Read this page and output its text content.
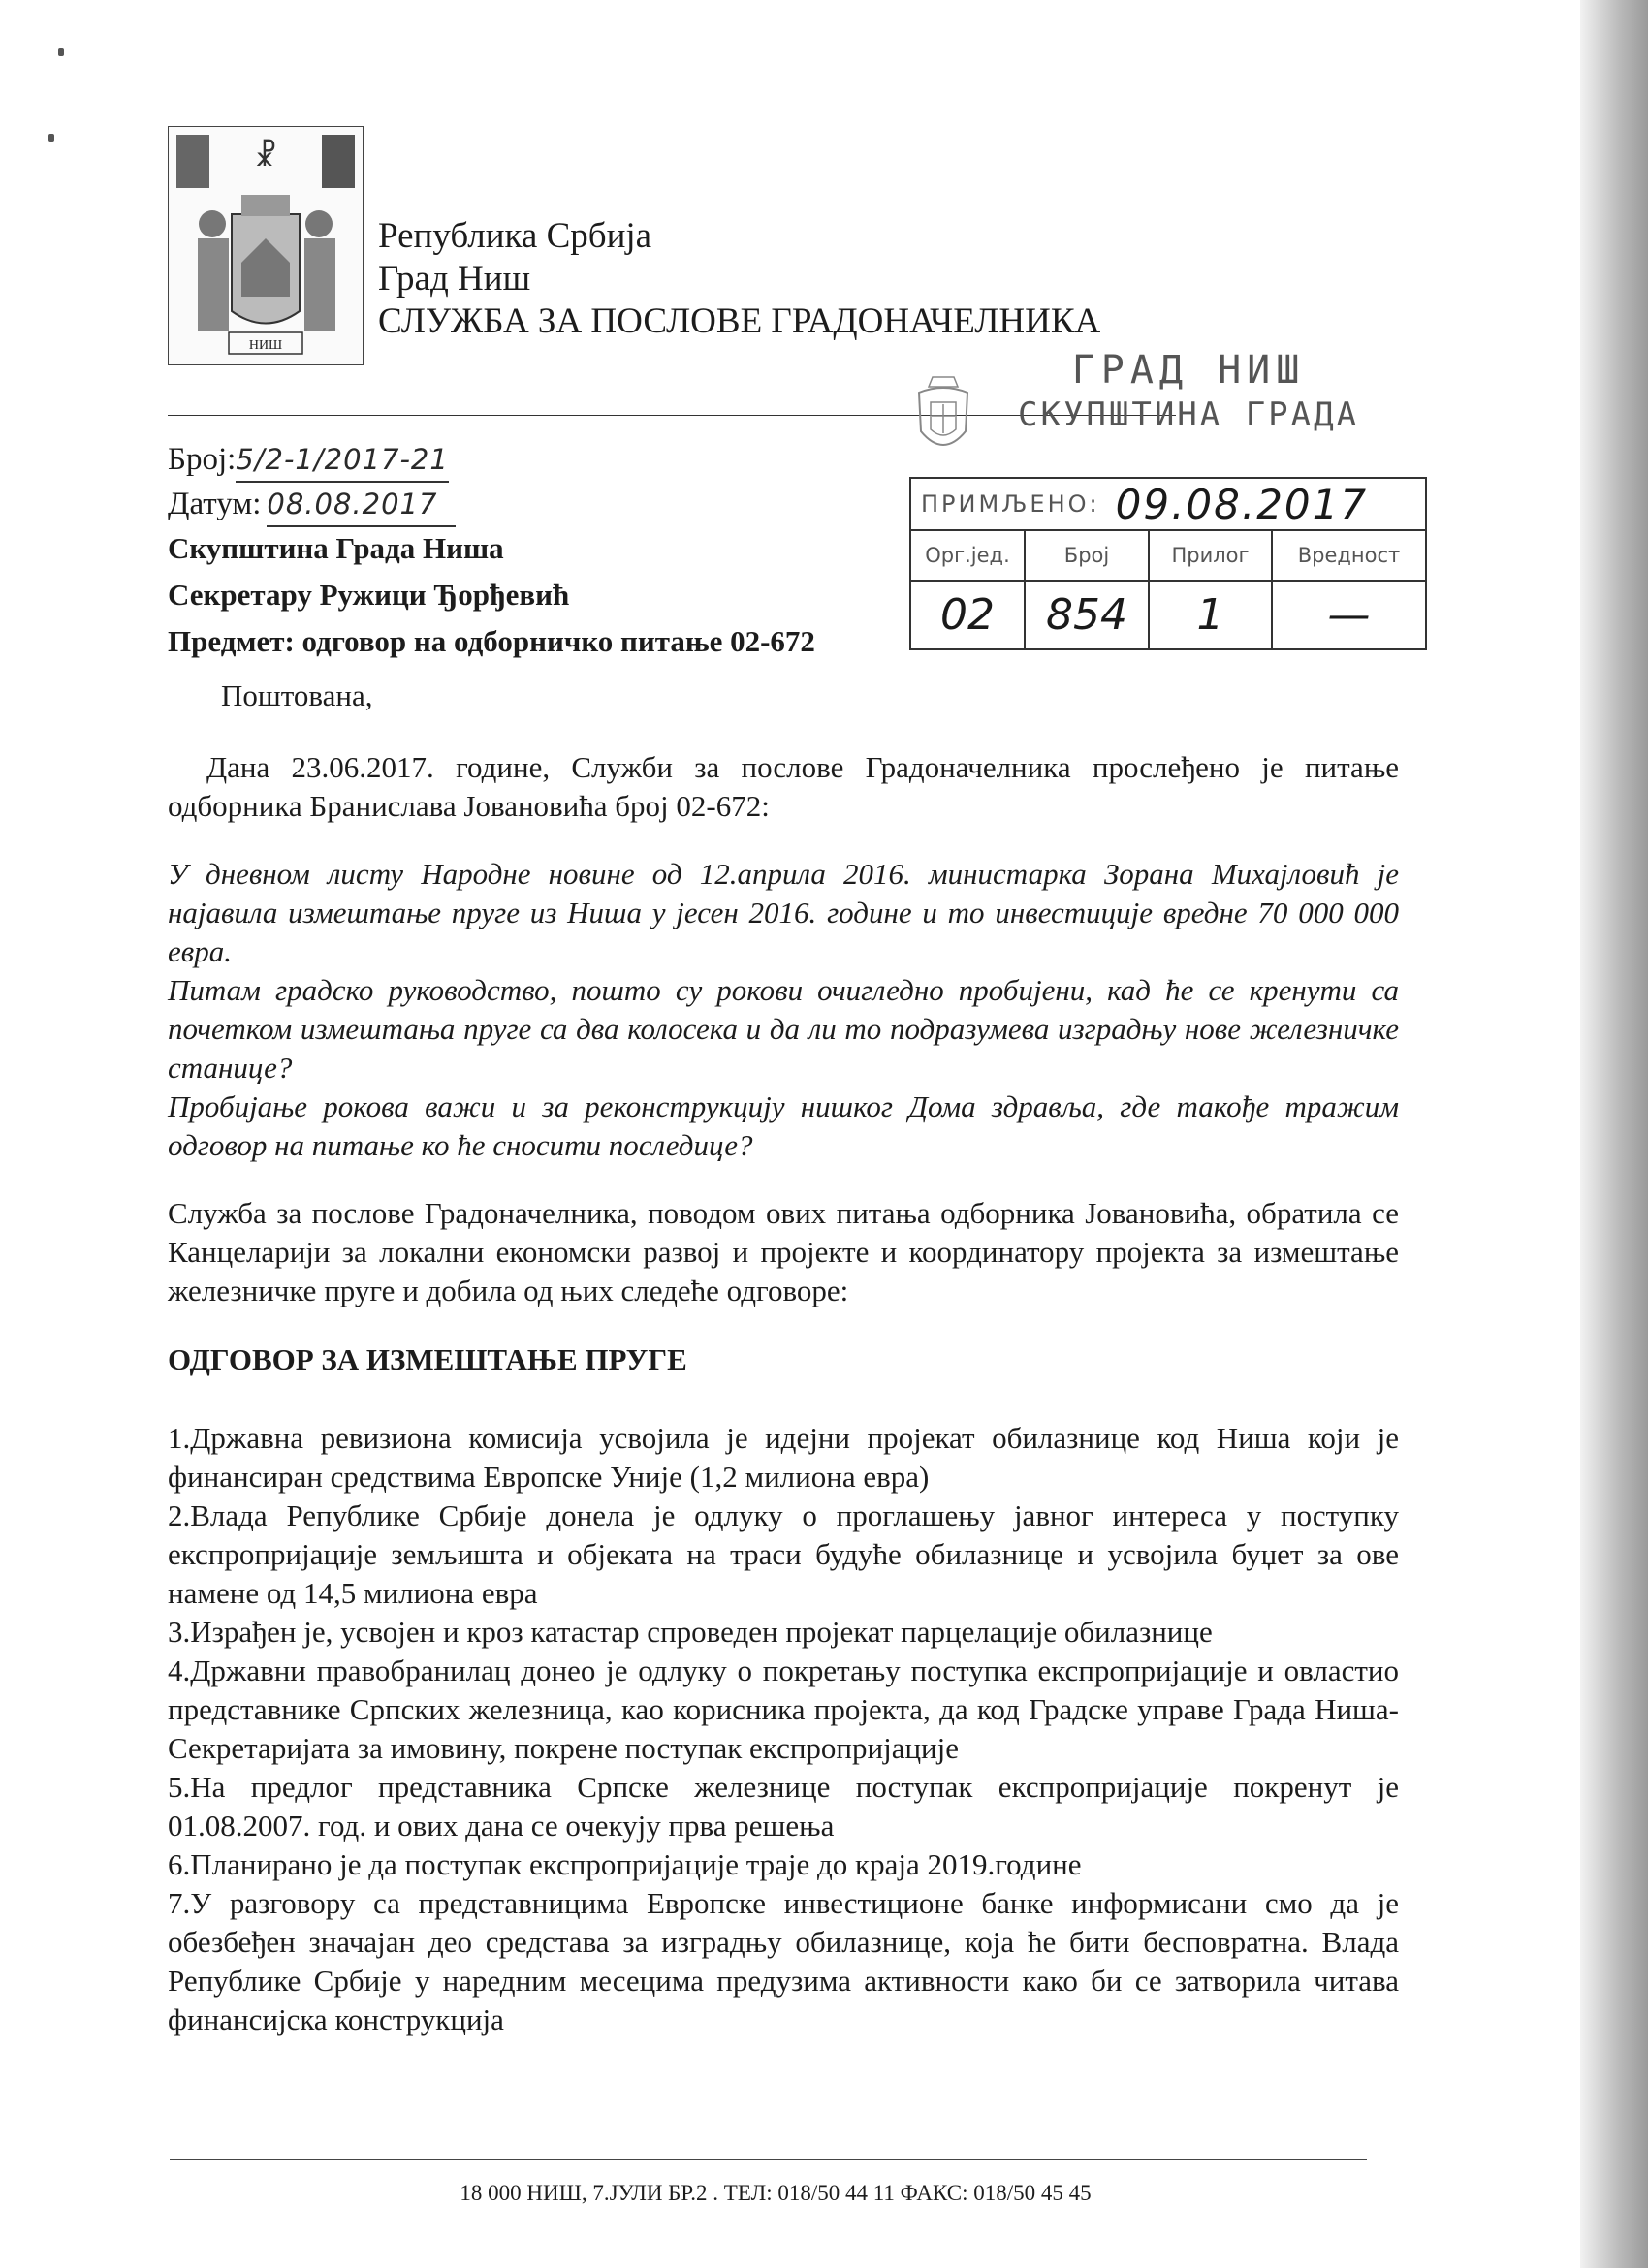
☧
НИШ
Република Србија
Град Ниш
СЛУЖБА ЗА ПОСЛОВЕ ГРАДОНАЧЕЛНИКА
ГРАД НИШ
СКУПШТИНА ГРАДА
Број:5/2-1/2017-21
Датум: 08.08.2017	ПРИМЉЕНО: 09.08.2017
Орг.јед.	Број	Прилог	Вредност
02	854	1	—
Скупштина Града Ниша
Секретару Ружици Ђорђевић
Предмет: одговор на одборничко питање 02-672
Поштована,
Дана 23.06.2017. године, Служби за послове Градоначелника прослеђено је питање одборника Бранислава Јовановића број 02-672:

У дневном листу Народне новине од 12.априла 2016. министарка Зорана Михајловић је најавила измештање пруге из Ниша у јесен 2016. године и то инвестиције вредне 70 000 000 евра.

Питам градско руководство, пошто су рокови очигледно пробијени, кад ће се кренути са почетком измештања пруге са два колосека и да ли то подразумева изградњу нове железничке станице?

Пробијање рокова важи и за реконструкцију нишког Дома здравља, где такође тражим одговор на питање ко ће сносити последице?

Служба за послове Градоначелника, поводом ових питања одборника Јовановића, обратила се Канцеларији за локални економски развој и пројекте и координатору пројекта за измештање железничке пруге и добила од њих следеће одговоре:
ОДГОВОР ЗА ИЗМЕШТАЊЕ ПРУГЕ

1.Државна ревизиона комисија усвојила је идејни пројекат обилазнице код Ниша који је финансиран средствима Европске Уније (1,2 милиона евра)

2.Влада Републике Србије донела је одлуку о проглашењу јавног интереса у поступку експропријације земљишта и објеката на траси будуће обилазнице и усвојила буџет за ове намене од 14,5 милиона евра

3.Израђен је, усвојен и кроз катастар спроведен пројекат парцелације обилазнице

4.Државни правобранилац донео је одлуку о покретању поступка експропријације и овластио представнике Српских железница, као корисника пројекта, да код Градске управе Града Ниша-Секретаријата за имовину, покрене поступак експропријације

5.На предлог представника Српске железнице поступак експропријације покренут је 01.08.2007. год. и ових дана се очекују прва решења

6.Планирано је да поступак експропријације траје до краја 2019.године

7.У разговору са представницима Европске инвестиционе банке информисани смо да је обезбеђен значајан део средстава за изградњу обилазнице, која ће бити бесповратна. Влада Републике Србије у наредним месецима предузима активности како би се затворила читава финансијска конструкција

18 000 НИШ, 7.ЈУЛИ БР.2 . ТЕЛ: 018/50 44 11 ФАКС: 018/50 45 45
